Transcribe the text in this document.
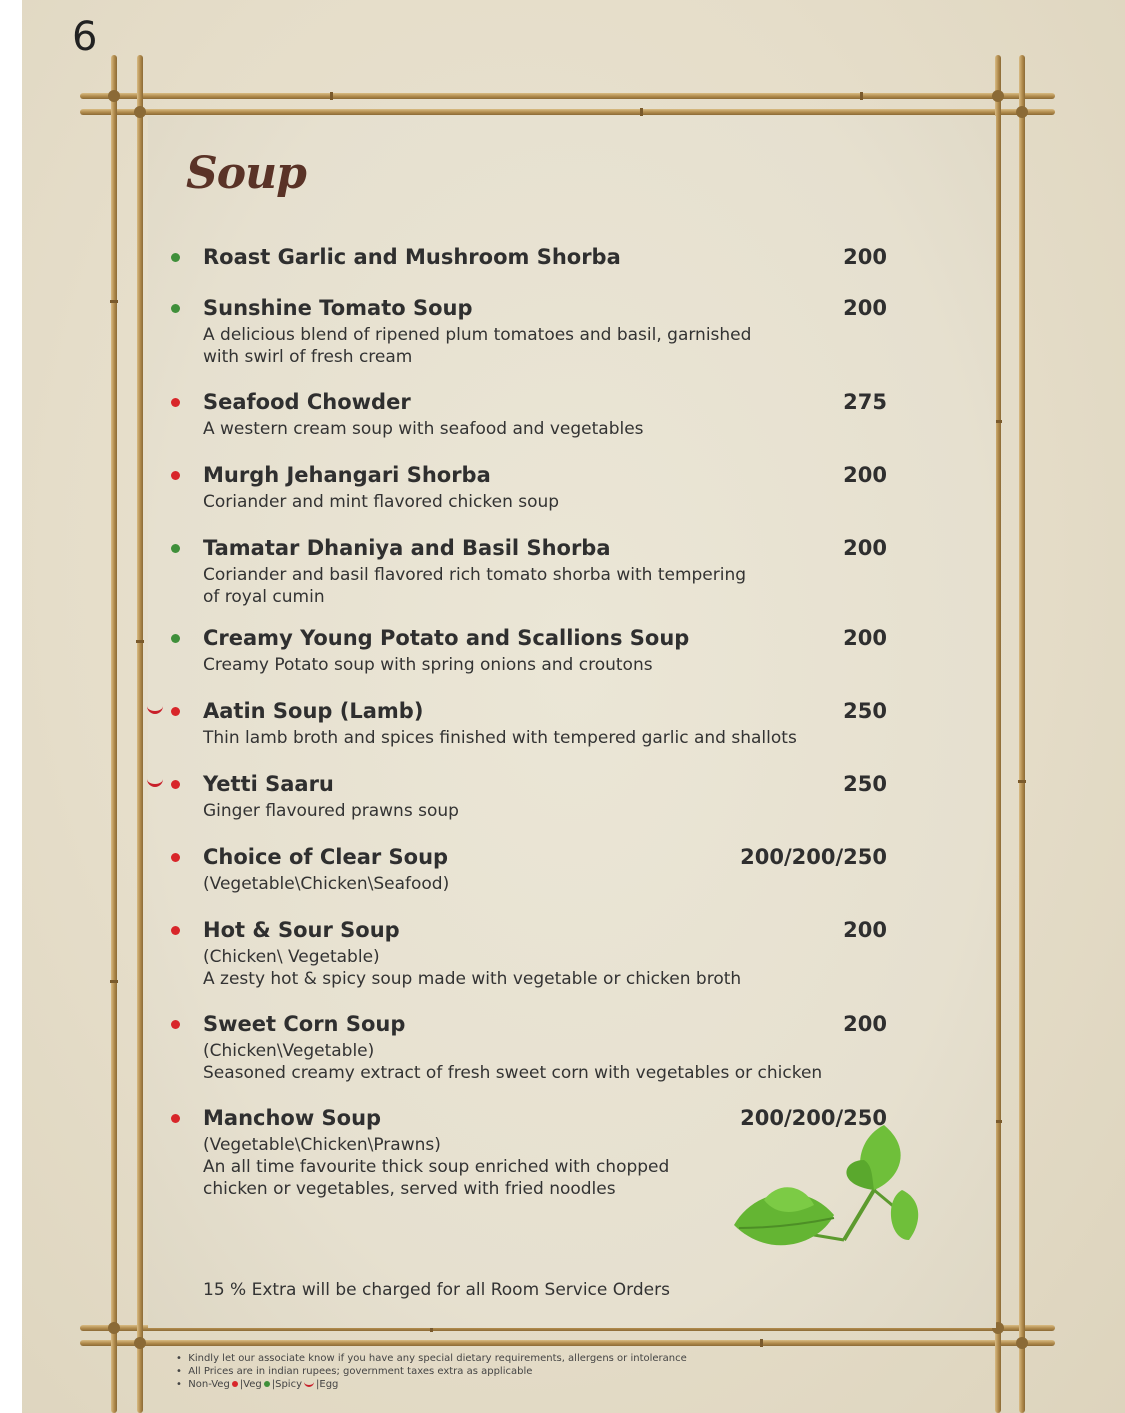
6
Soup
Roast Garlic and Mushroom Shorba	200
Sunshine Tomato Soup	200
A delicious blend of ripened plum tomatoes and basil, garnished
with swirl of fresh cream
Seafood Chowder	275
A western cream soup with seafood and vegetables
Murgh Jehangari Shorba	200
Coriander and mint flavored chicken soup
Tamatar Dhaniya and Basil Shorba	200
Coriander and basil flavored rich tomato shorba with tempering
of royal cumin
Creamy Young Potato and Scallions Soup	200
Creamy Potato soup with spring onions and croutons
Aatin Soup (Lamb)	250
Thin lamb broth and spices finished with tempered garlic and shallots
Yetti Saaru	250
Ginger flavoured prawns soup
Choice of Clear Soup	200/200/250
(Vegetable\Chicken\Seafood)
Hot & Sour Soup	200
(Chicken\ Vegetable)
A zesty hot & spicy soup made with vegetable or chicken broth
Sweet Corn Soup	200
(Chicken\Vegetable)
Seasoned creamy extract of fresh sweet corn with vegetables or chicken
Manchow Soup	200/200/250
(Vegetable\Chicken\Prawns)
An all time favourite thick soup enriched with chopped
chicken or vegetables, served with fried noodles
15 % Extra will be charged for all Room Service Orders
•  Kindly let our associate know if you have any special dietary requirements, allergens or intolerance
•  All Prices are in indian rupees; government taxes extra as applicable
•  Non-Veg |Veg |Spicy |Egg
